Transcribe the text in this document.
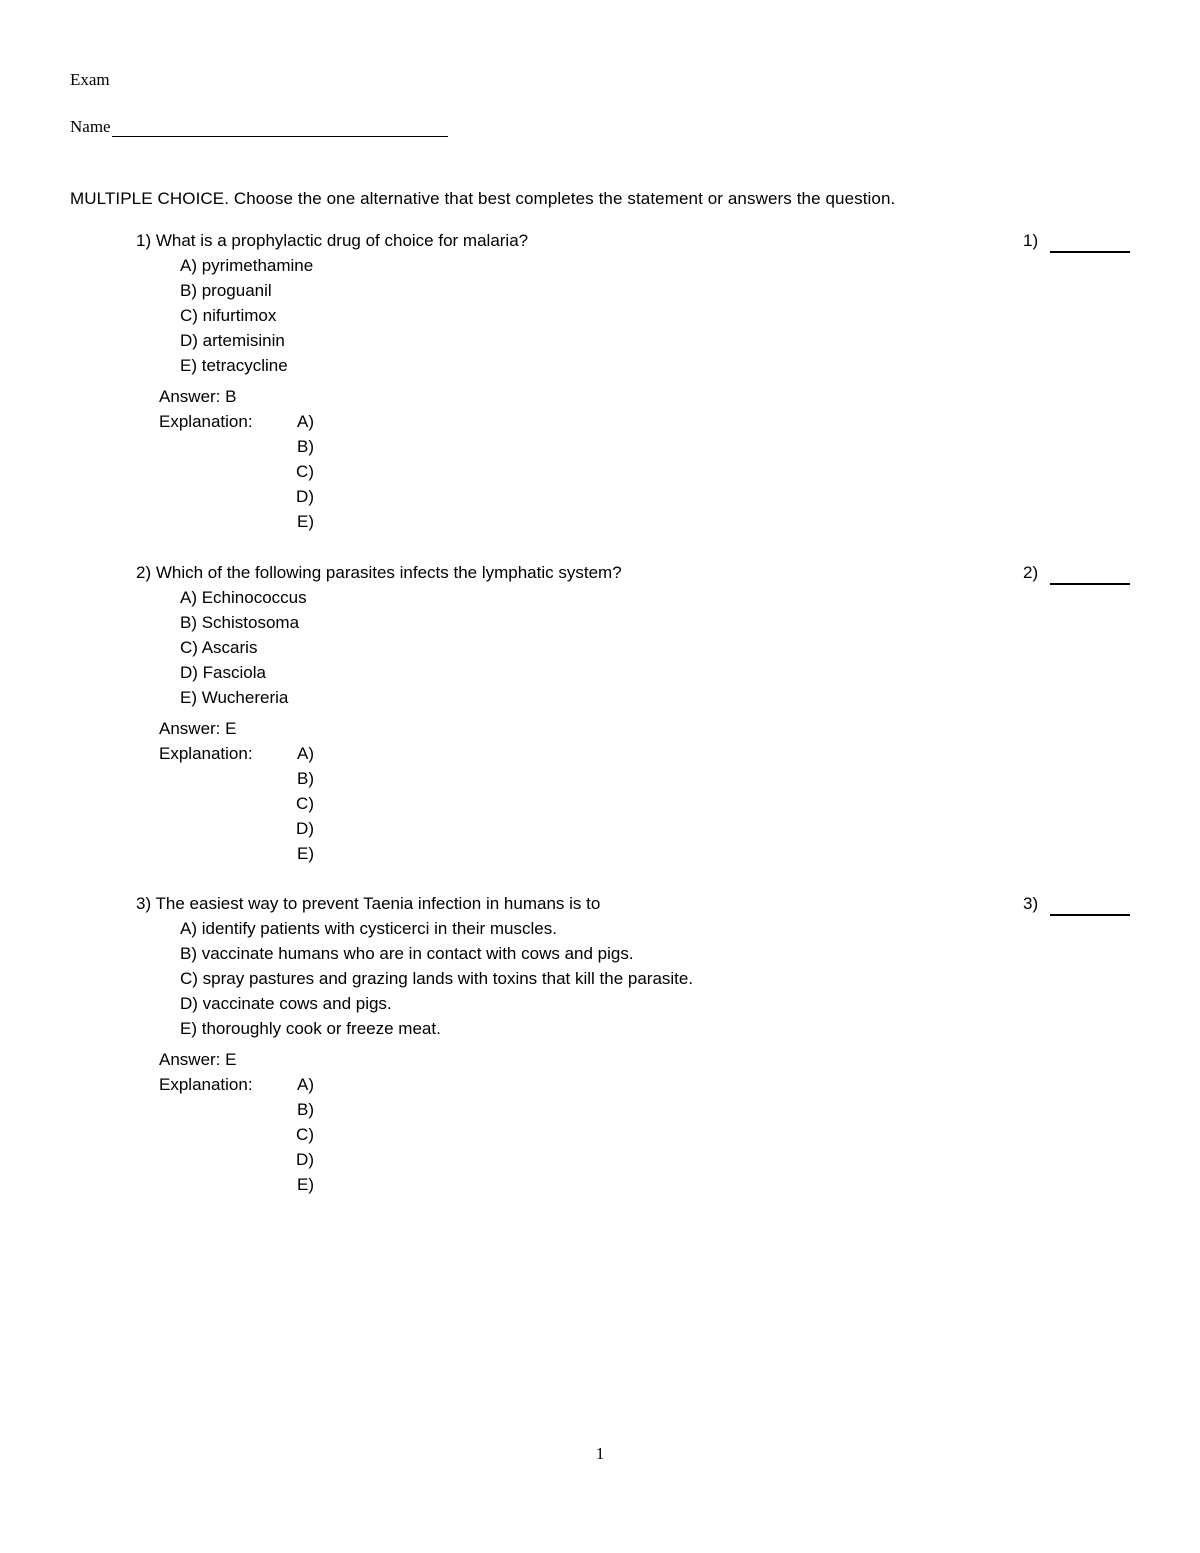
Exam
Name
MULTIPLE CHOICE. Choose the one alternative that best completes the statement or answers the question.
1) What is a prophylactic drug of choice for malaria?	1)
A) pyrimethamine
B) proguanil
C) nifurtimox
D) artemisinin
E) tetracycline
Answer: B
Explanation:	A)
B)
C)
D)
E)
2) Which of the following parasites infects the lymphatic system?	2)
A) Echinococcus
B) Schistosoma
C) Ascaris
D) Fasciola
E) Wuchereria
Answer: E
Explanation:	A)
B)
C)
D)
E)
3) The easiest way to prevent Taenia infection in humans is to	3)
A) identify patients with cysticerci in their muscles.
B) vaccinate humans who are in contact with cows and pigs.
C) spray pastures and grazing lands with toxins that kill the parasite.
D) vaccinate cows and pigs.
E) thoroughly cook or freeze meat.
Answer: E
Explanation:	A)
B)
C)
D)
E)
1
